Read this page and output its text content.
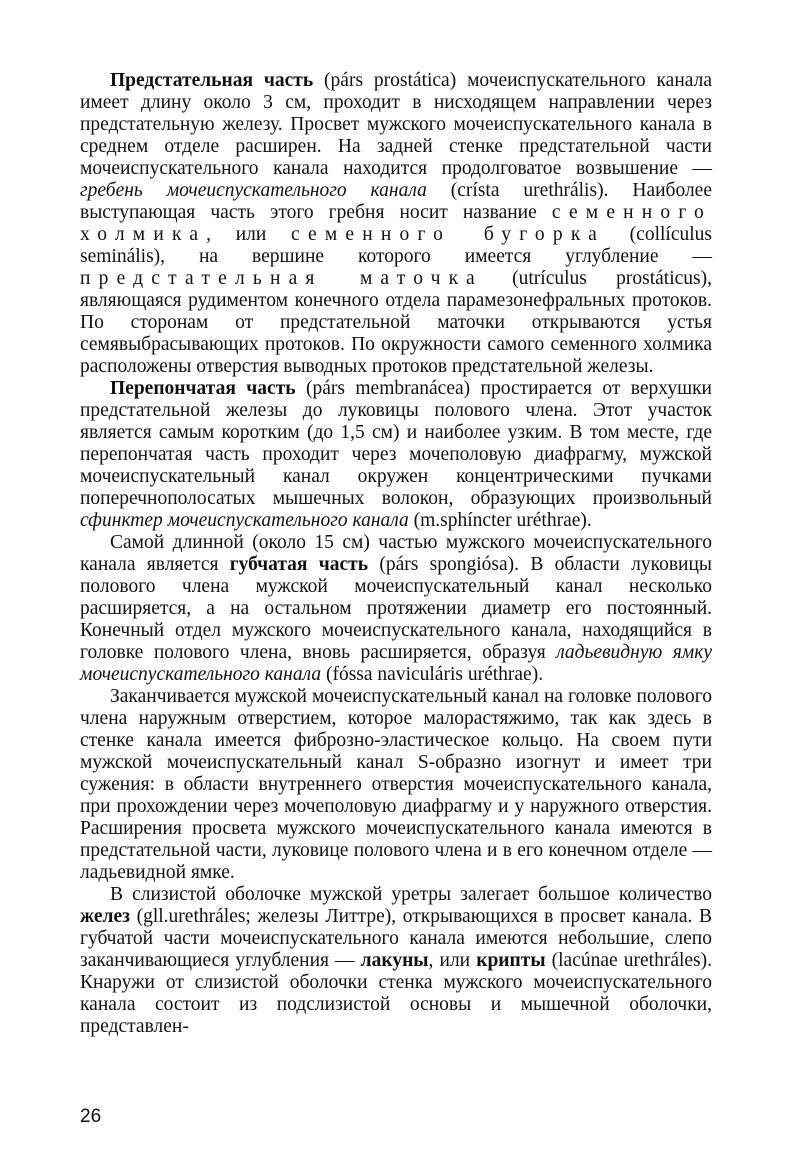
Предстательная часть (párs prostática) мочеиспускательного канала имеет длину около 3 см, проходит в нисходящем направлении через предстательную железу. Просвет мужского мочеиспускательного канала в среднем отделе расширен. На задней стенке предстательной части мочеиспускательного канала находится продолговатое возвышение — гребень мочеиспускательного канала (crísta urethrális). Наиболее выступающая часть этого гребня носит название семенного холмика, или семенного бугорка (collículus seminális), на вершине которого имеется углубление — предстательная маточка (utrículus prostáticus), являющаяся рудиментом конечного отдела парамезонефральных протоков. По сторонам от предстательной маточки открываются устья семявыбрасывающих протоков. По окружности самого семенного холмика расположены отверстия выводных протоков предстательной железы.

Перепончатая часть (párs membranácea) простирается от верхушки предстательной железы до луковицы полового члена. Этот участок является самым коротким (до 1,5 см) и наиболее узким. В том месте, где перепончатая часть проходит через мочеполовую диафрагму, мужской мочеиспускательный канал окружен концентрическими пучками поперечнополосатых мышечных волокон, образующих произвольный сфинктер мочеиспускательного канала (m.sphíncter uréthrae).

Самой длинной (около 15 см) частью мужского мочеиспускательного канала является губчатая часть (párs spongiósa). В области луковицы полового члена мужской мочеиспускательный канал несколько расширяется, а на остальном протяжении диаметр его постоянный. Конечный отдел мужского мочеиспускательного канала, находящийся в головке полового члена, вновь расширяется, образуя ладьевидную ямку мочеиспускательного канала (fóssa naviculáris uréthrae).

Заканчивается мужской мочеиспускательный канал на головке полового члена наружным отверстием, которое малорастяжимо, так как здесь в стенке канала имеется фиброзно-эластическое кольцо. На своем пути мужской мочеиспускательный канал S-образно изогнут и имеет три сужения: в области внутреннего отверстия мочеиспускательного канала, при прохождении через мочеполовую диафрагму и у наружного отверстия. Расширения просвета мужского мочеиспускательного канала имеются в предстательной части, луковице полового члена и в его конечном отделе — ладьевидной ямке.

В слизистой оболочке мужской уретры залегает большое количество желез (gll.urethráles; железы Литтре), открывающихся в просвет канала. В губчатой части мочеиспускательного канала имеются небольшие, слепо заканчивающиеся углубления — лакуны, или крипты (lacúnae urethráles). Кнаружи от слизистой оболочки стенка мужского мочеиспускательного канала состоит из подслизистой основы и мышечной оболочки, представлен-

26
